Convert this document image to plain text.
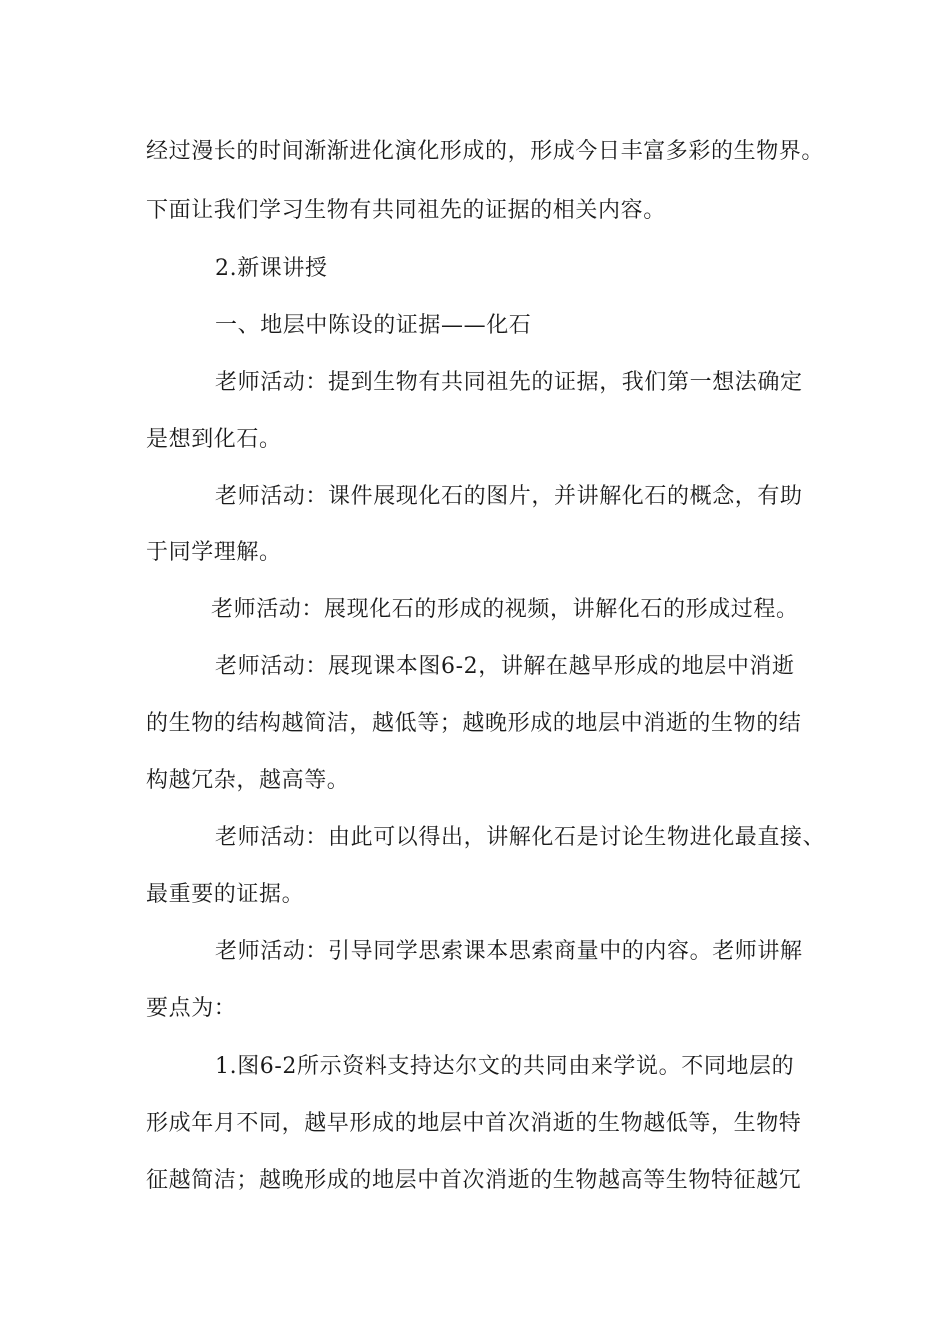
经过漫长的时间渐渐进化演化形成的，形成今日丰富多彩的生物界。
下面让我们学习生物有共同祖先的证据的相关内容。
2.新课讲授
一、地层中陈设的证据——化石
老师活动：提到生物有共同祖先的证据，我们第一想法确定
是想到化石。
老师活动：课件展现化石的图片，并讲解化石的概念，有助
于同学理解。
老师活动：展现化石的形成的视频，讲解化石的形成过程。
老师活动：展现课本图6-2，讲解在越早形成的地层中消逝
的生物的结构越简洁，越低等；越晚形成的地层中消逝的生物的结
构越冗杂，越高等。
老师活动：由此可以得出，讲解化石是讨论生物进化最直接、
最重要的证据。
老师活动：引导同学思索课本思索商量中的内容。老师讲解
要点为：
1.图6-2所示资料支持达尔文的共同由来学说。不同地层的
形成年月不同，越早形成的地层中首次消逝的生物越低等，生物特
征越简洁；越晚形成的地层中首次消逝的生物越高等生物特征越冗
